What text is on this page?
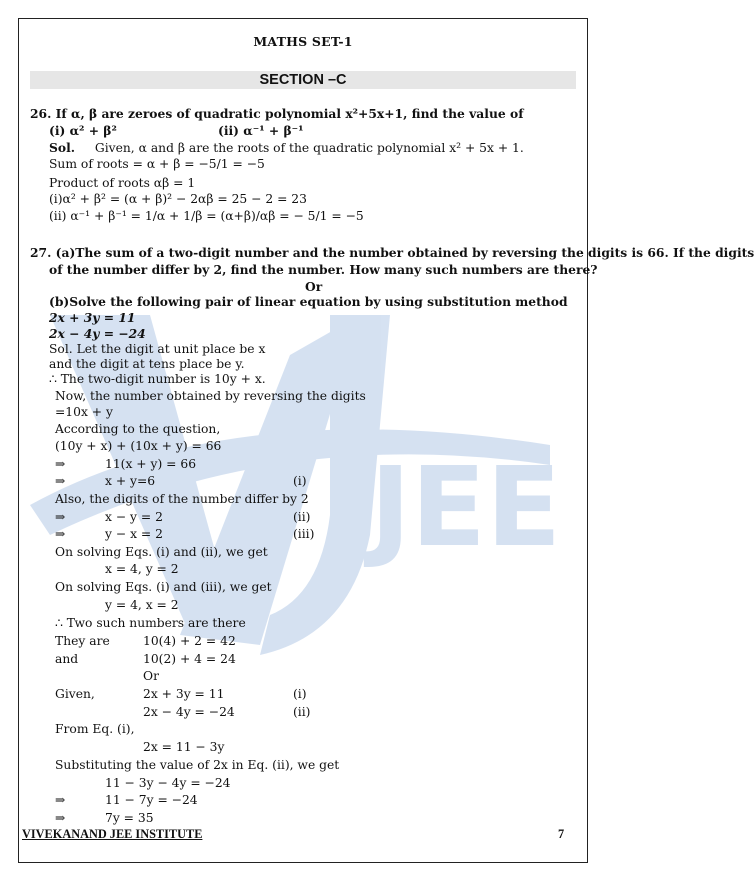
JEE
MATHS SET-1
SECTION –C
26. If α, β are zeroes of quadratic polynomial x²+5x+1, find the value of
(i) α² + β²	(ii) α⁻¹ + β⁻¹
Sol. Given, α and β are the roots of the quadratic polynomial x² + 5x + 1.
Sum of roots = α + β = −5/1 = −5
Product of roots αβ = 1
(i)α² + β² = (α + β)² − 2αβ = 25 − 2 = 23
(ii) α⁻¹ + β⁻¹ = 1/α + 1/β = (α+β)/αβ = − 5/1 = −5
27. (a)The sum of a two-digit number and the number obtained by reversing the digits is 66. If the digits
of the number differ by 2, find the number. How many such numbers are there?
Or
(b)Solve the following pair of linear equation by using substitution method
2x + 3y = 11
2x − 4y = −24
Sol. Let the digit at unit place be x
and the digit at tens place be y.
∴ The two-digit number is 10y + x.
Now, the number obtained by reversing the digits
=10x + y
According to the question,
(10y + x) + (10x + y) = 66
⇒	11(x + y) = 66
⇒	x + y=6	(i)
Also, the digits of the number differ by 2
⇒	x − y = 2	(ii)
⇒	y − x = 2	(iii)
On solving Eqs. (i) and (ii), we get
x = 4, y = 2
On solving Eqs. (i) and (iii), we get
y = 4, x = 2
∴ Two such numbers are there
They are	10(4) + 2 = 42
and	10(2) + 4 = 24
Or
Given,	2x + 3y = 11	(i)
2x − 4y = −24	(ii)
From Eq. (i),
2x = 11 − 3y
Substituting the value of 2x in Eq. (ii), we get
11 − 3y − 4y = −24
⇒	11 − 7y = −24
⇒	7y = 35
VIVEKANAND JEE INSTITUTE	7
